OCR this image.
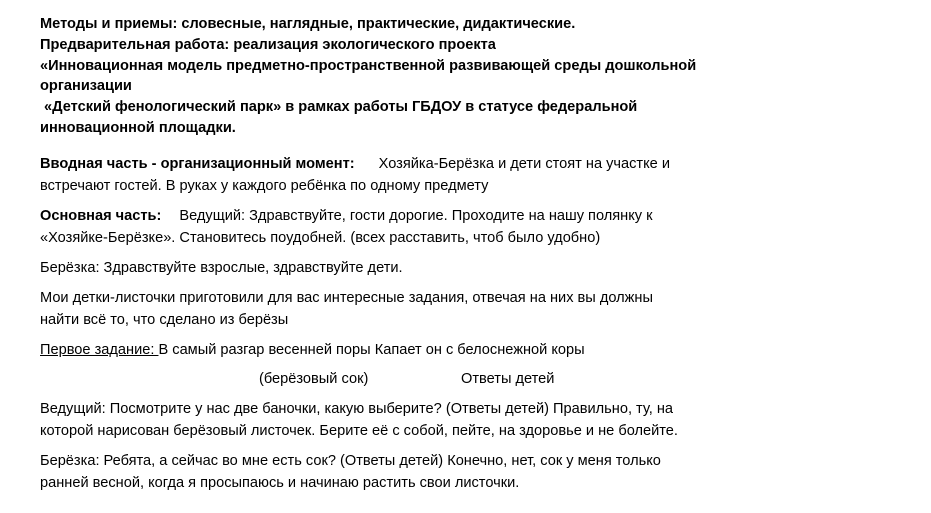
Методы и приемы: словесные, наглядные, практические, дидактические.
Предварительная работа: реализация экологического проекта
«Инновационная модель предметно-пространственной развивающей среды дошкольной
организации
«Детский фенологический парк» в рамках работы ГБДОУ в статусе федеральной
инновационной площадки.
Вводная часть - организационный момент: Хозяйка-Берёзка и дети стоят на участке и
встречают гостей. В руках у каждого ребёнка по одному предмету
Основная часть: Ведущий: Здравствуйте, гости дорогие. Проходите на нашу полянку к
«Хозяйке-Берёзке». Становитесь поудобней. (всех расставить, чтоб было удобно)
Берёзка: Здравствуйте взрослые, здравствуйте дети.
Мои детки-листочки приготовили для вас интересные задания, отвечая на них вы должны
найти всё то, что сделано из берёзы
Первое задание: В самый разгар весенней поры Капает он с белоснежной коры
(берёзовый сок)	Ответы детей
Ведущий: Посмотрите у нас две баночки, какую выберите? (Ответы детей) Правильно, ту, на
которой нарисован берёзовый листочек. Берите её с собой, пейте, на здоровье и не болейте.
Берёзка: Ребята, а сейчас во мне есть сок? (Ответы детей) Конечно, нет, сок у меня только
ранней весной, когда я просыпаюсь и начинаю растить свои листочки.
